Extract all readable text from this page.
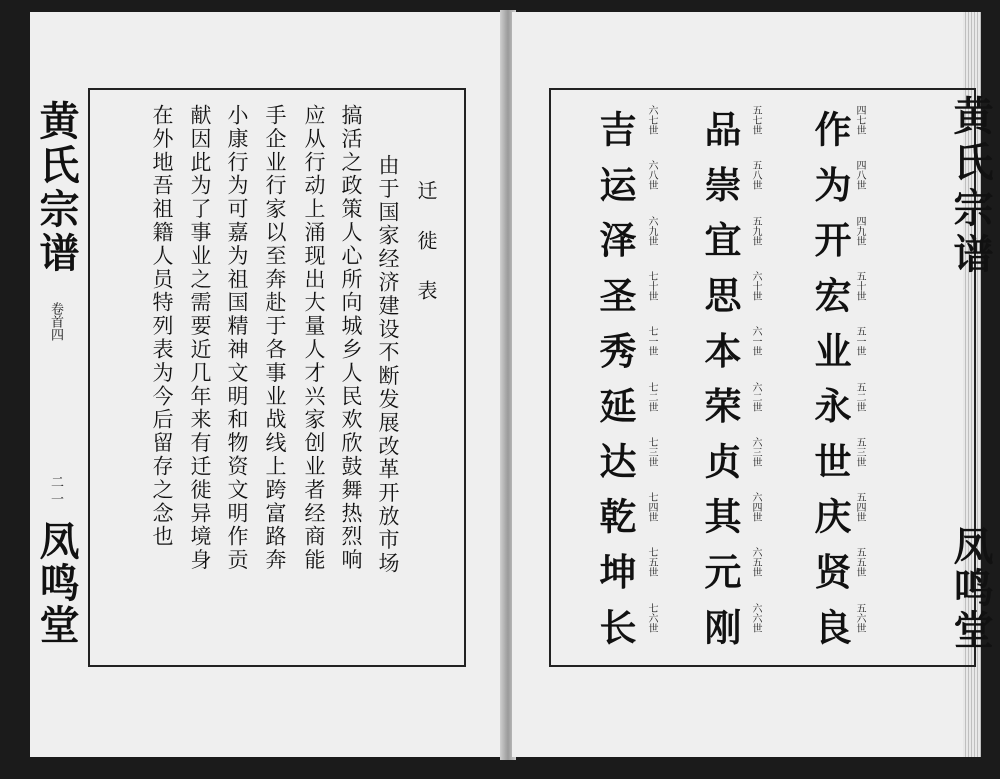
黄氏宗谱
卷首四
二一
凤鸣堂
迁徙表
由于国家经济建设不断发展改革开放市场
搞活之政策人心所向城乡人民欢欣鼓舞热烈响
应从行动上涌现出大量人才兴家创业者经商能
手企业行家以至奔赴于各事业战线上跨富路奔
小康行为可嘉为祖国精神文明和物资文明作贡
献因此为了事业之需要近几年来有迁徙异境身
在外地吾祖籍人员特列表为今后留存之念也	黄氏宗谱
凤鸣堂
作为开宏业永世庆贤良
品崇宜思本荣贞其元刚
吉运泽圣秀延达乾坤长	四七世
四八世
四九世
五十世
五一世
五二世
五三世
五四世
五五世
五六世
五七世
五八世
五九世
六十世
六一世
六二世
六三世
六四世
六五世
六六世
六七世
六八世
六九世
七十世
七一世
七二世
七三世
七四世
七五世
七六世
